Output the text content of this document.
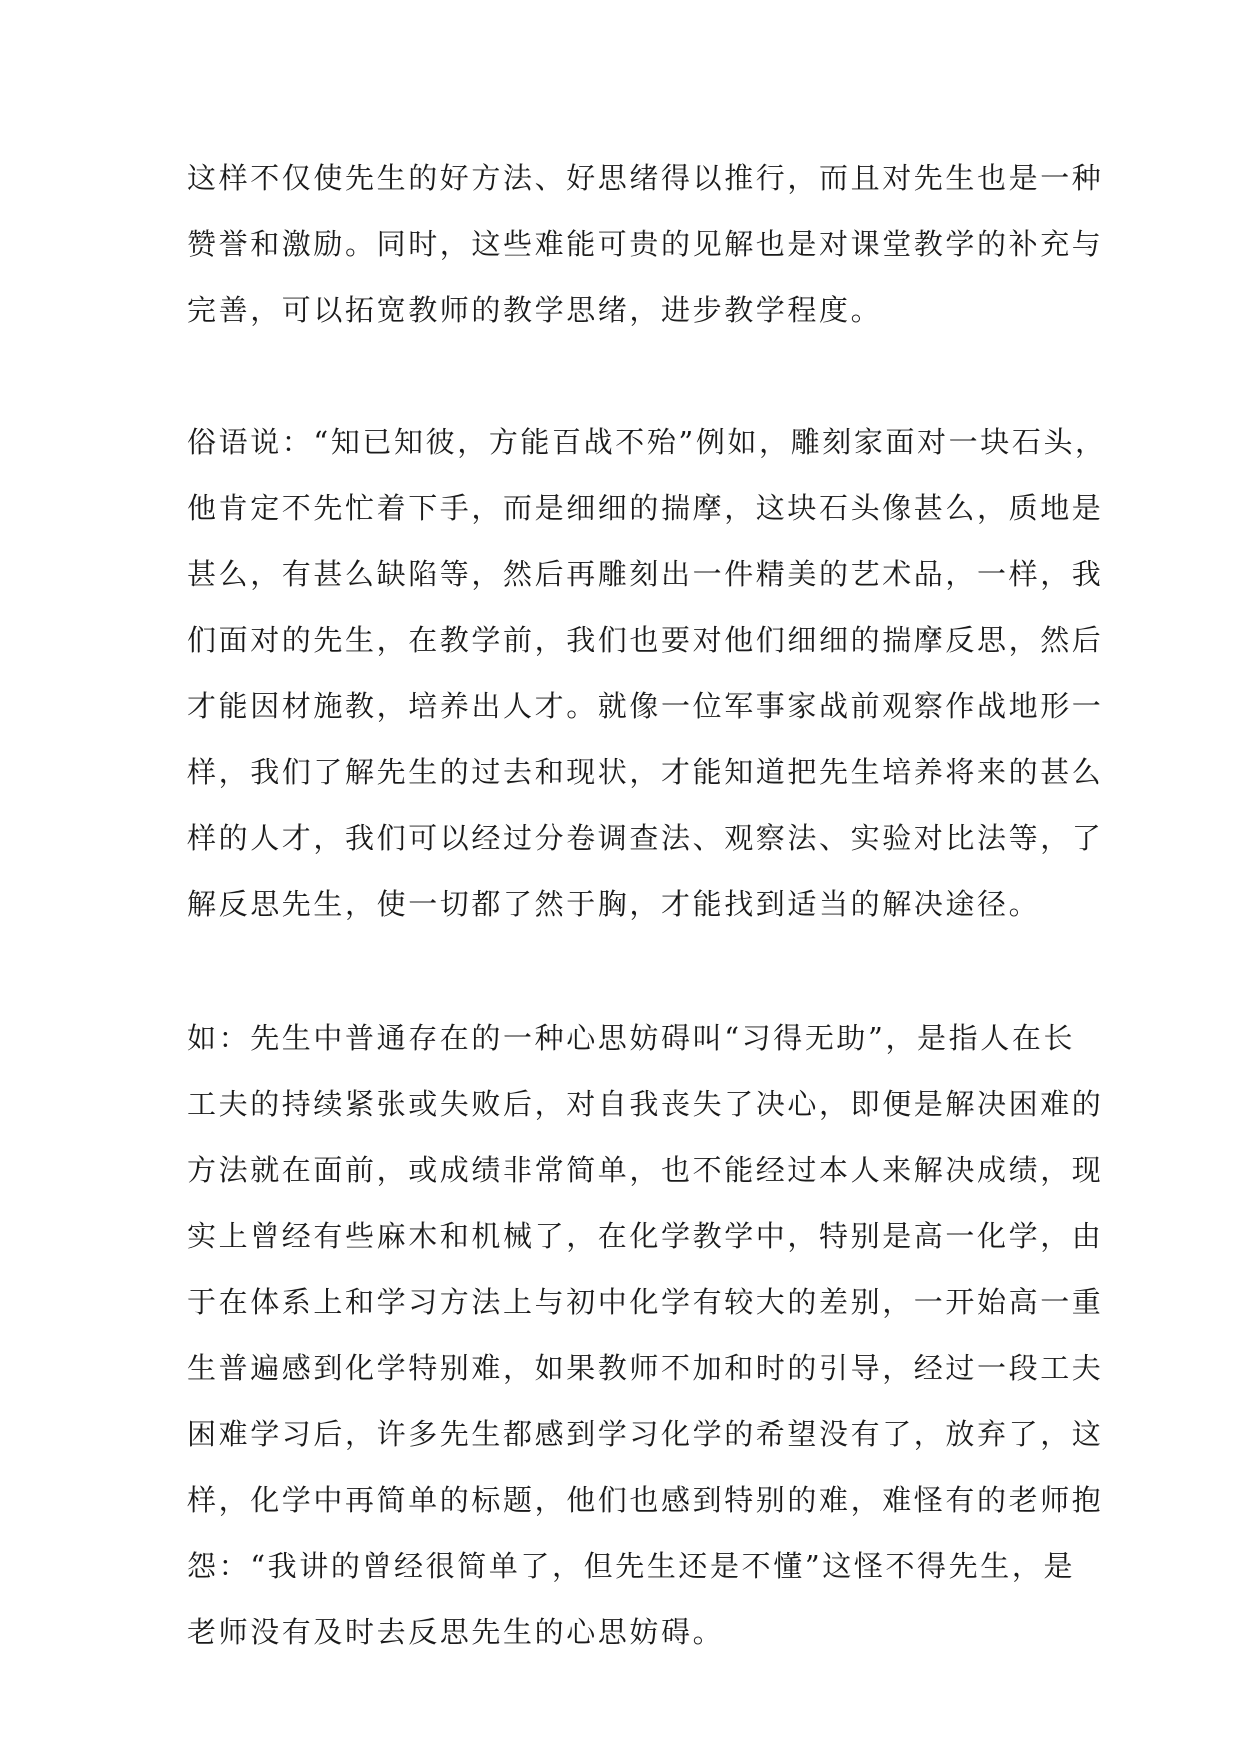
这样不仅使先生的好方法、好思绪得以推行，而且对先生也是一种
赞誉和激励。同时，这些难能可贵的见解也是对课堂教学的补充与
完善，可以拓宽教师的教学思绪，进步教学程度。
俗语说：“知已知彼，方能百战不殆”例如，雕刻家面对一块石头，
他肯定不先忙着下手，而是细细的揣摩，这块石头像甚么，质地是
甚么，有甚么缺陷等，然后再雕刻出一件精美的艺术品，一样，我
们面对的先生，在教学前，我们也要对他们细细的揣摩反思，然后
才能因材施教，培养出人才。就像一位军事家战前观察作战地形一
样，我们了解先生的过去和现状，才能知道把先生培养将来的甚么
样的人才，我们可以经过分卷调查法、观察法、实验对比法等，了
解反思先生，使一切都了然于胸，才能找到适当的解决途径。
如：先生中普通存在的一种心思妨碍叫“习得无助”，是指人在长
工夫的持续紧张或失败后，对自我丧失了决心，即便是解决困难的
方法就在面前，或成绩非常简单，也不能经过本人来解决成绩，现
实上曾经有些麻木和机械了，在化学教学中，特别是高一化学，由
于在体系上和学习方法上与初中化学有较大的差别，一开始高一重
生普遍感到化学特别难，如果教师不加和时的引导，经过一段工夫
困难学习后，许多先生都感到学习化学的希望没有了，放弃了，这
样，化学中再简单的标题，他们也感到特别的难，难怪有的老师抱
怨：“我讲的曾经很简单了，但先生还是不懂”这怪不得先生，是
老师没有及时去反思先生的心思妨碍。
